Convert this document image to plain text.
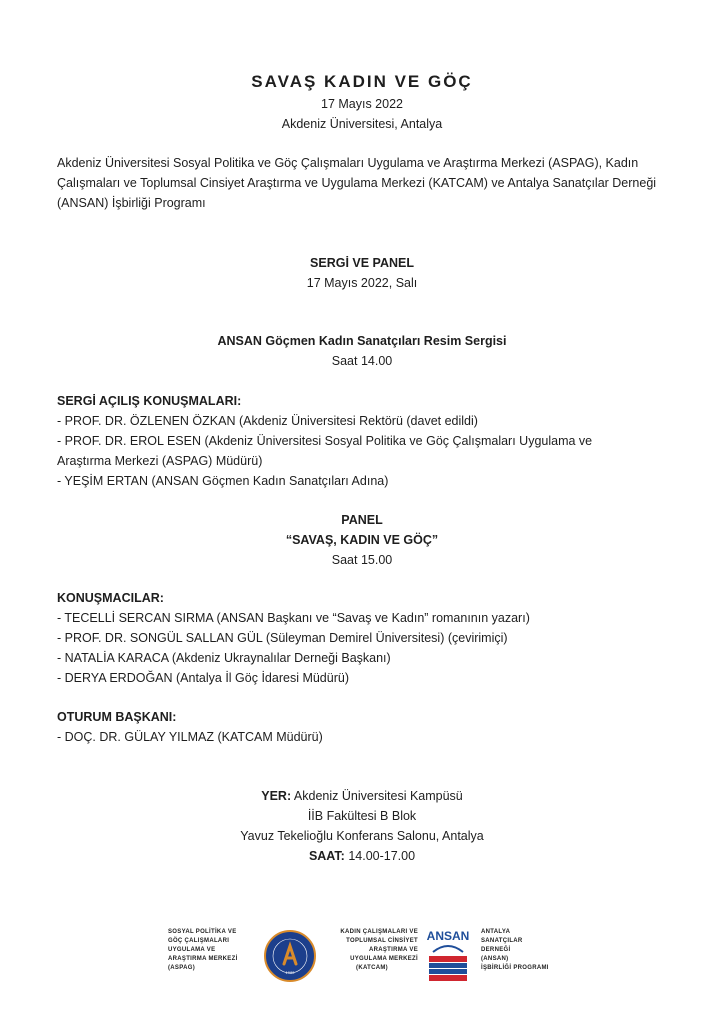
SAVAŞ KADIN VE GÖÇ
17 Mayıs 2022
Akdeniz Üniversitesi, Antalya
Akdeniz Üniversitesi Sosyal Politika ve Göç Çalışmaları Uygulama ve Araştırma Merkezi (ASPAG), Kadın Çalışmaları ve Toplumsal Cinsiyet Araştırma ve Uygulama Merkezi (KATCAM) ve Antalya Sanatçılar Derneği (ANSAN) İşbirliği Programı
SERGİ VE PANEL
17 Mayıs 2022, Salı
ANSAN Göçmen Kadın Sanatçıları Resim Sergisi
Saat 14.00
SERGİ AÇILIŞ KONUŞMALARI:
- PROF. DR. ÖZLENEN ÖZKAN (Akdeniz Üniversitesi Rektörü (davet edildi)
- PROF. DR. EROL ESEN (Akdeniz Üniversitesi Sosyal Politika ve Göç Çalışmaları Uygulama ve
Araştırma Merkezi (ASPAG) Müdürü)
- YEŞİM ERTAN (ANSAN Göçmen Kadın Sanatçıları Adına)
PANEL
“SAVAŞ, KADIN VE GÖÇ”
Saat 15.00
KONUŞMACILAR:
- TECELLİ SERCAN SIRMA (ANSAN Başkanı ve “Savaş ve Kadın” romanının yazarı)
- PROF. DR. SONGÜL SALLAN GÜL (Süleyman Demirel Üniversitesi) (çevirimiçi)
- NATALİA KARACA (Akdeniz Ukraynalılar Derneği Başkanı)
- DERYA ERDOĞAN (Antalya İl Göç İdaresi Müdürü)
OTURUM BAŞKANI:
- DOÇ. DR. GÜLAY YILMAZ (KATCAM Müdürü)
YER: Akdeniz Üniversitesi Kampüsü
İİB Fakültesi B Blok
Yavuz Tekelioğlu Konferans Salonu, Antalya
SAAT: 14.00-17.00
SOSYAL POLİTİKA VE
GÖÇ ÇALIŞMALARI
UYGULAMA VE
ARAŞTIRMA MERKEZİ
(ASPAG)
1982
KADIN ÇALIŞMALARI VE
TOPLUMSAL CİNSİYET
ARAŞTIRMA VE
UYGULAMA MERKEZİ
(KATCAM)
ANSAN ANTALYA
SANATÇILAR
DERNEĞİ
(ANSAN)
İŞBİRLİĞİ PROGRAMI
